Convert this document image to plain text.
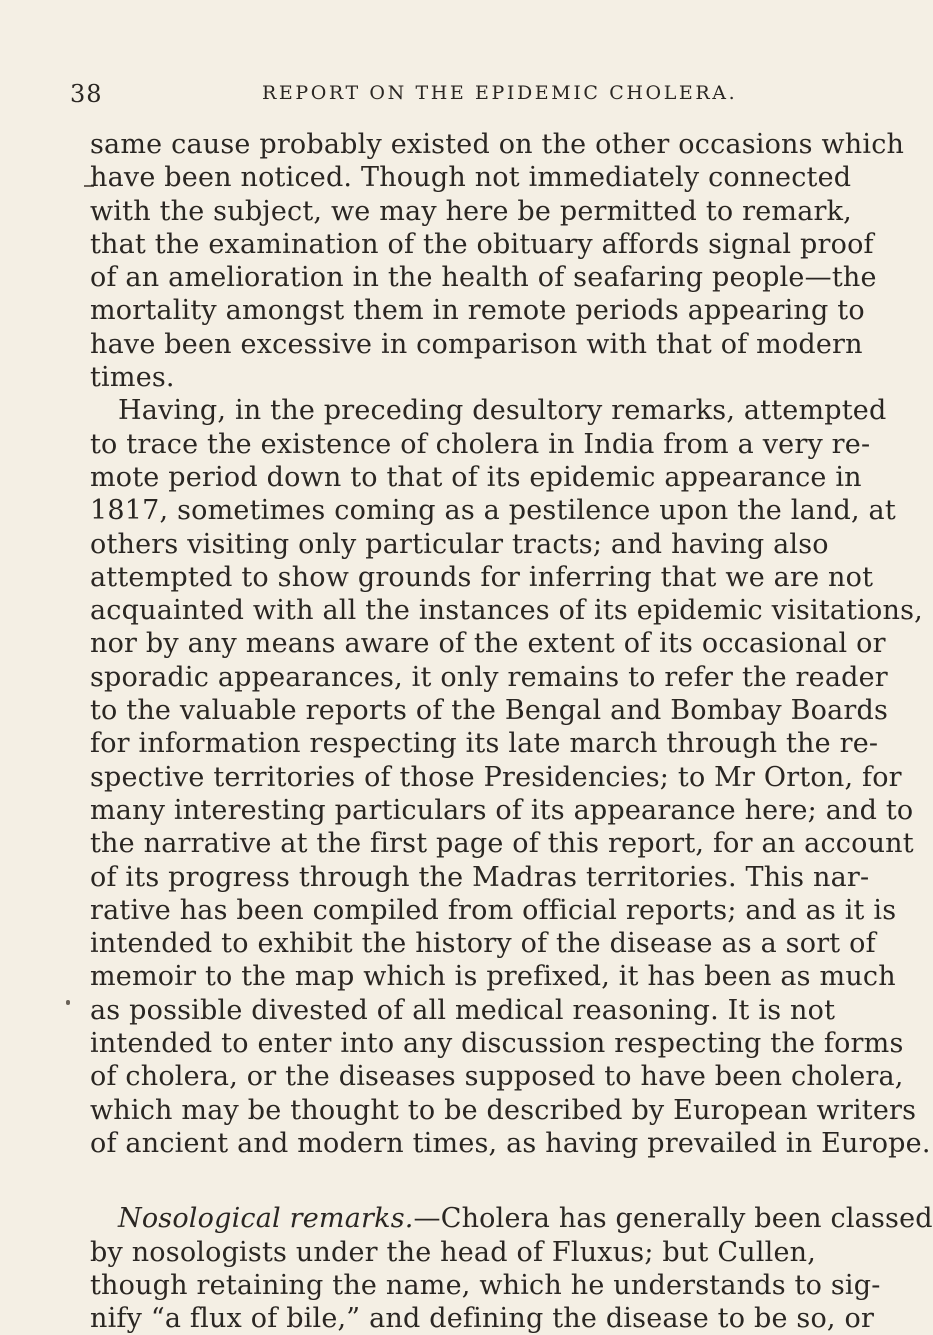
38	REPORT ON THE EPIDEMIC CHOLERA.
same cause probably existed on the other occasions which
have been noticed. Though not immediately connected
with the subject, we may here be permitted to remark,
that the examination of the obituary affords signal proof
of an amelioration in the health of seafaring people—the
mortality amongst them in remote periods appearing to
have been excessive in comparison with that of modern
times.
Having, in the preceding desultory remarks, attempted
to trace the existence of cholera in India from a very re-
mote period down to that of its epidemic appearance in
1817, sometimes coming as a pestilence upon the land, at
others visiting only particular tracts; and having also
attempted to show grounds for inferring that we are not
acquainted with all the instances of its epidemic visitations,
nor by any means aware of the extent of its occasional or
sporadic appearances, it only remains to refer the reader
to the valuable reports of the Bengal and Bombay Boards
for information respecting its late march through the re-
spective territories of those Presidencies; to Mr Orton, for
many interesting particulars of its appearance here; and to
the narrative at the first page of this report, for an account
of its progress through the Madras territories. This nar-
rative has been compiled from official reports; and as it is
intended to exhibit the history of the disease as a sort of
memoir to the map which is prefixed, it has been as much
as possible divested of all medical reasoning. It is not
intended to enter into any discussion respecting the forms
of cholera, or the diseases supposed to have been cholera,
which may be thought to be described by European writers
of ancient and modern times, as having prevailed in Europe.
Nosological remarks.—Cholera has generally been classed
by nosologists under the head of Fluxus; but Cullen,
though retaining the name, which he understands to sig-
nify “a flux of bile,” and defining the disease to be so, or
